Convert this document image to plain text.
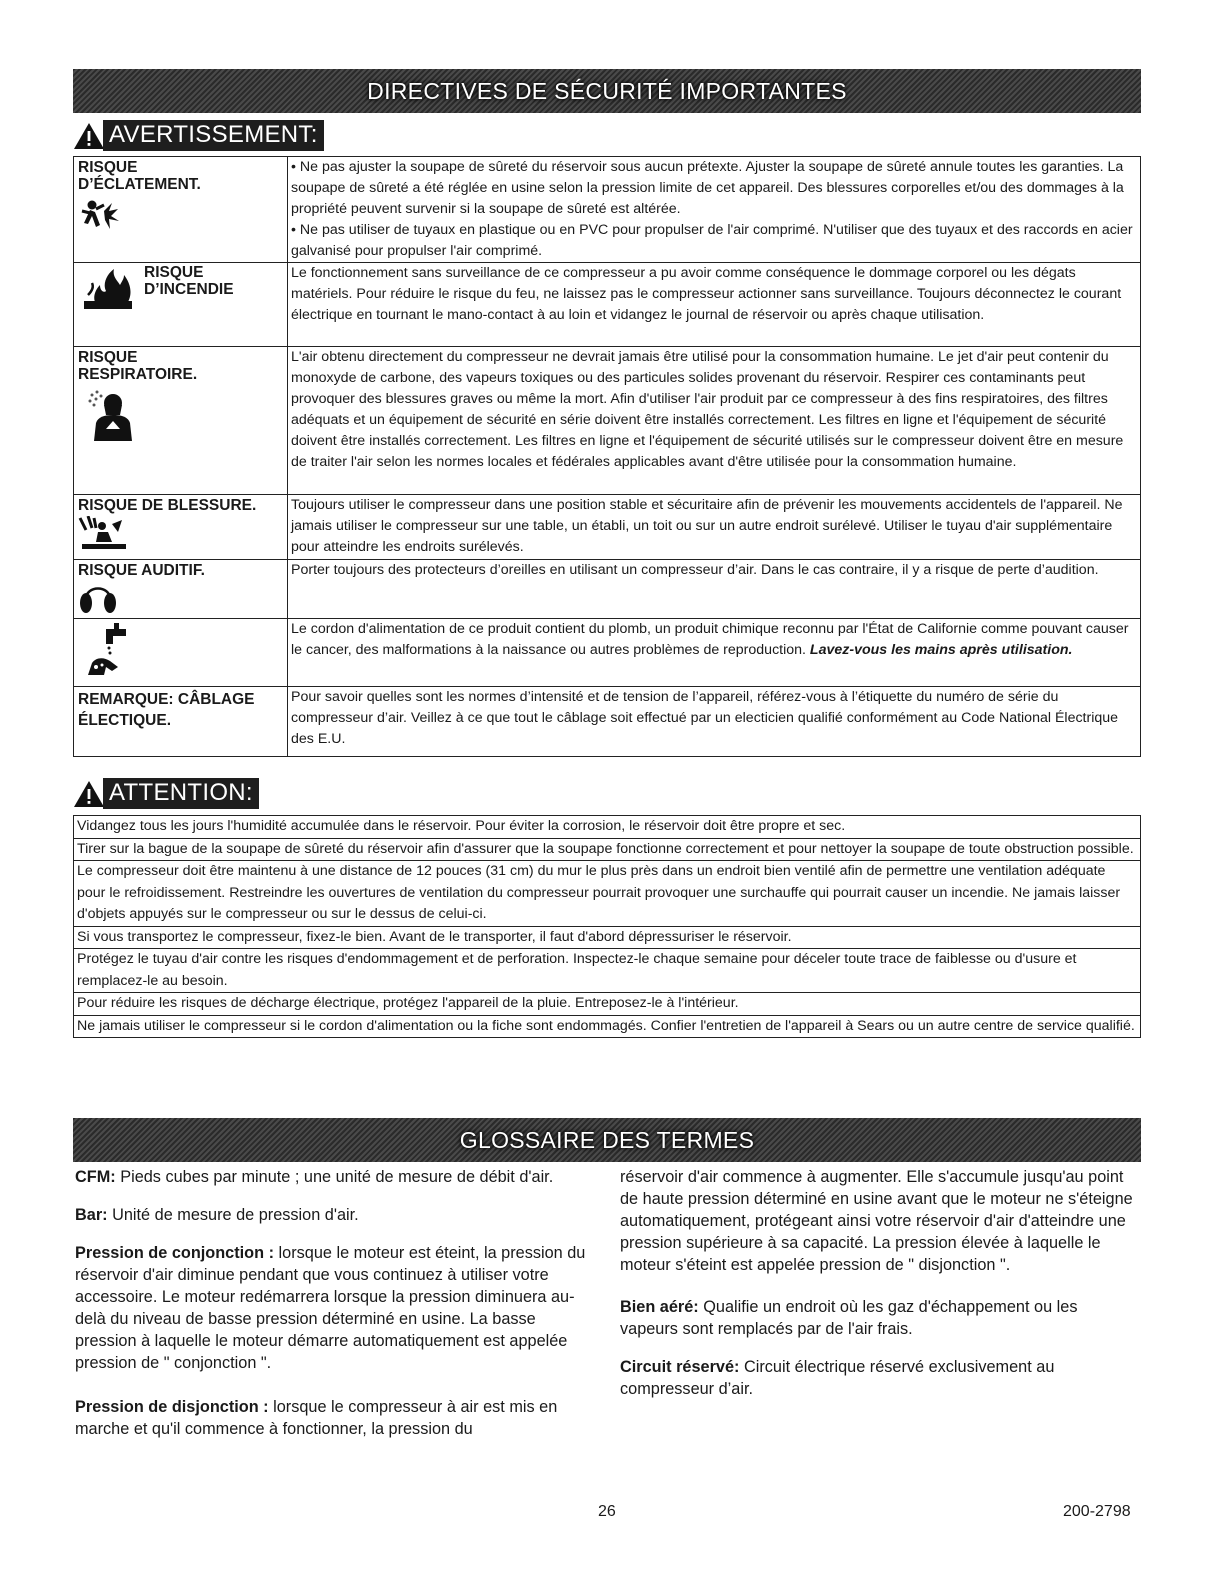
DIRECTIVES DE SÉCURITÉ IMPORTANTES
AVERTISSEMENT:
RISQUE
D’ÉCLATEMENT.	• Ne pas ajuster la soupape de sûreté du réservoir sous aucun prétexte. Ajuster la soupape de sûreté annule toutes les garanties. La soupape de sûreté a été réglée en usine selon la pression limite de cet appareil. Des blessures corporelles et/ou des dommages à la propriété peuvent survenir si la soupape de sûreté est altérée.
• Ne pas utiliser de tuyaux en plastique ou en PVC pour propulser de l'air comprimé. N'utiliser que des tuyaux et des raccords en acier galvanisé pour propulser l'air comprimé.

RISQUE
D’INCENDIE	Le fonctionnement sans surveillance de ce compresseur a pu avoir comme conséquence le dommage corporel ou les dégats matériels. Pour réduire le risque du feu, ne laissez pas le compresseur actionner sans surveillance. Toujours déconnectez le courant électrique en tournant le mano-contact à au loin et vidangez le journal de réservoir ou après chaque utilisation.

RISQUE
RESPIRATOIRE.	L'air obtenu directement du compresseur ne devrait jamais être utilisé pour la consommation humaine. Le jet d'air peut contenir du monoxyde de carbone, des vapeurs toxiques ou des particules solides provenant du réservoir. Respirer ces contaminants peut provoquer des blessures graves ou même la mort. Afin d'utiliser l'air produit par ce compresseur à des fins respiratoires, des filtres adéquats et un équipement de sécurité en série doivent être installés correctement. Les filtres en ligne et l'équipement de sécurité doivent être installés correctement. Les filtres en ligne et l'équipement de sécurité utilisés sur le compresseur doivent être en mesure de traiter l'air selon les normes locales et fédérales applicables avant d'être utilisée pour la consommation humaine.

RISQUE DE BLESSURE.	Toujours utiliser le compresseur dans une position stable et sécuritaire afin de prévenir les mouvements accidentels de l'appareil. Ne jamais utiliser le compresseur sur une table, un établi, un toit ou sur un autre endroit surélevé. Utiliser le tuyau d'air supplémentaire pour atteindre les endroits surélevés.

RISQUE AUDITIF.	Porter toujours des protecteurs d’oreilles en utilisant un compresseur d’air. Dans le cas contraire, il y a risque de perte d’audition.
	Le cordon d'alimentation de ce produit contient du plomb, un produit chimique reconnu par l'État de Californie comme pouvant causer le cancer, des malformations à la naissance ou autres problèmes de reproduction. Lavez-vous les mains après utilisation.

REMARQUE: CÂBLAGE
ÉLECTIQUE.	Pour savoir quelles sont les normes d’intensité et de tension de l’appareil, référez-vous à l’étiquette du numéro de série du compresseur d’air. Veillez à ce que tout le câblage soit effectué par un electicien qualifié conformément au Code National Électrique des E.U.
ATTENTION:
Vidangez tous les jours l'humidité accumulée dans le réservoir. Pour éviter la corrosion, le réservoir doit être propre et sec.
Tirer sur la bague de la soupape de sûreté du réservoir afin d'assurer que la soupape fonctionne correctement et pour nettoyer la soupape de toute obstruction possible.
Le compresseur doit être maintenu à une distance de 12 pouces (31 cm) du mur le plus près dans un endroit bien ventilé afin de permettre une ventilation adéquate pour le refroidissement. Restreindre les ouvertures de ventilation du compresseur pourrait provoquer une surchauffe qui pourrait causer un incendie. Ne jamais laisser d'objets appuyés sur le compresseur ou sur le dessus de celui-ci.
Si vous transportez le compresseur, fixez-le bien. Avant de le transporter, il faut d'abord dépressuriser le réservoir.
Protégez le tuyau d'air contre les risques d'endommagement et de perforation. Inspectez-le chaque semaine pour déceler toute trace de faiblesse ou d'usure et remplacez-le au besoin.
Pour réduire les risques de décharge électrique, protégez l'appareil de la pluie. Entreposez-le à l'intérieur.
Ne jamais utiliser le compresseur si le cordon d'alimentation ou la fiche sont endommagés. Confier l'entretien de l'appareil à Sears ou un autre centre de service qualifié.
GLOSSAIRE DES TERMES

CFM: Pieds cubes par minute ; une unité de mesure de débit d'air.

Bar: Unité de mesure de pression d'air.

Pression de conjonction : lorsque le moteur est éteint, la pression du réservoir d'air diminue pendant que vous continuez à utiliser votre accessoire. Le moteur redémarrera lorsque la pression diminuera au-delà du niveau de basse pression déterminé en usine. La basse pression à laquelle le moteur démarre automatiquement est appelée pression de " conjonction ".

Pression de disjonction : lorsque le compresseur à air est mis en marche et qu'il commence à fonctionner, la pression du

réservoir d'air commence à augmenter. Elle s'accumule jusqu'au point de haute pression déterminé en usine avant que le moteur ne s'éteigne automatiquement, protégeant ainsi votre réservoir d'air d'atteindre une pression supérieure à sa capacité. La pression élevée à laquelle le moteur s'éteint est appelée pression de " disjonction ".

Bien aéré: Qualifie un endroit où les gaz d'échappement ou les vapeurs sont remplacés par de l'air frais.

Circuit réservé: Circuit électrique réservé exclusivement au compresseur d’air.

26	200-2798
